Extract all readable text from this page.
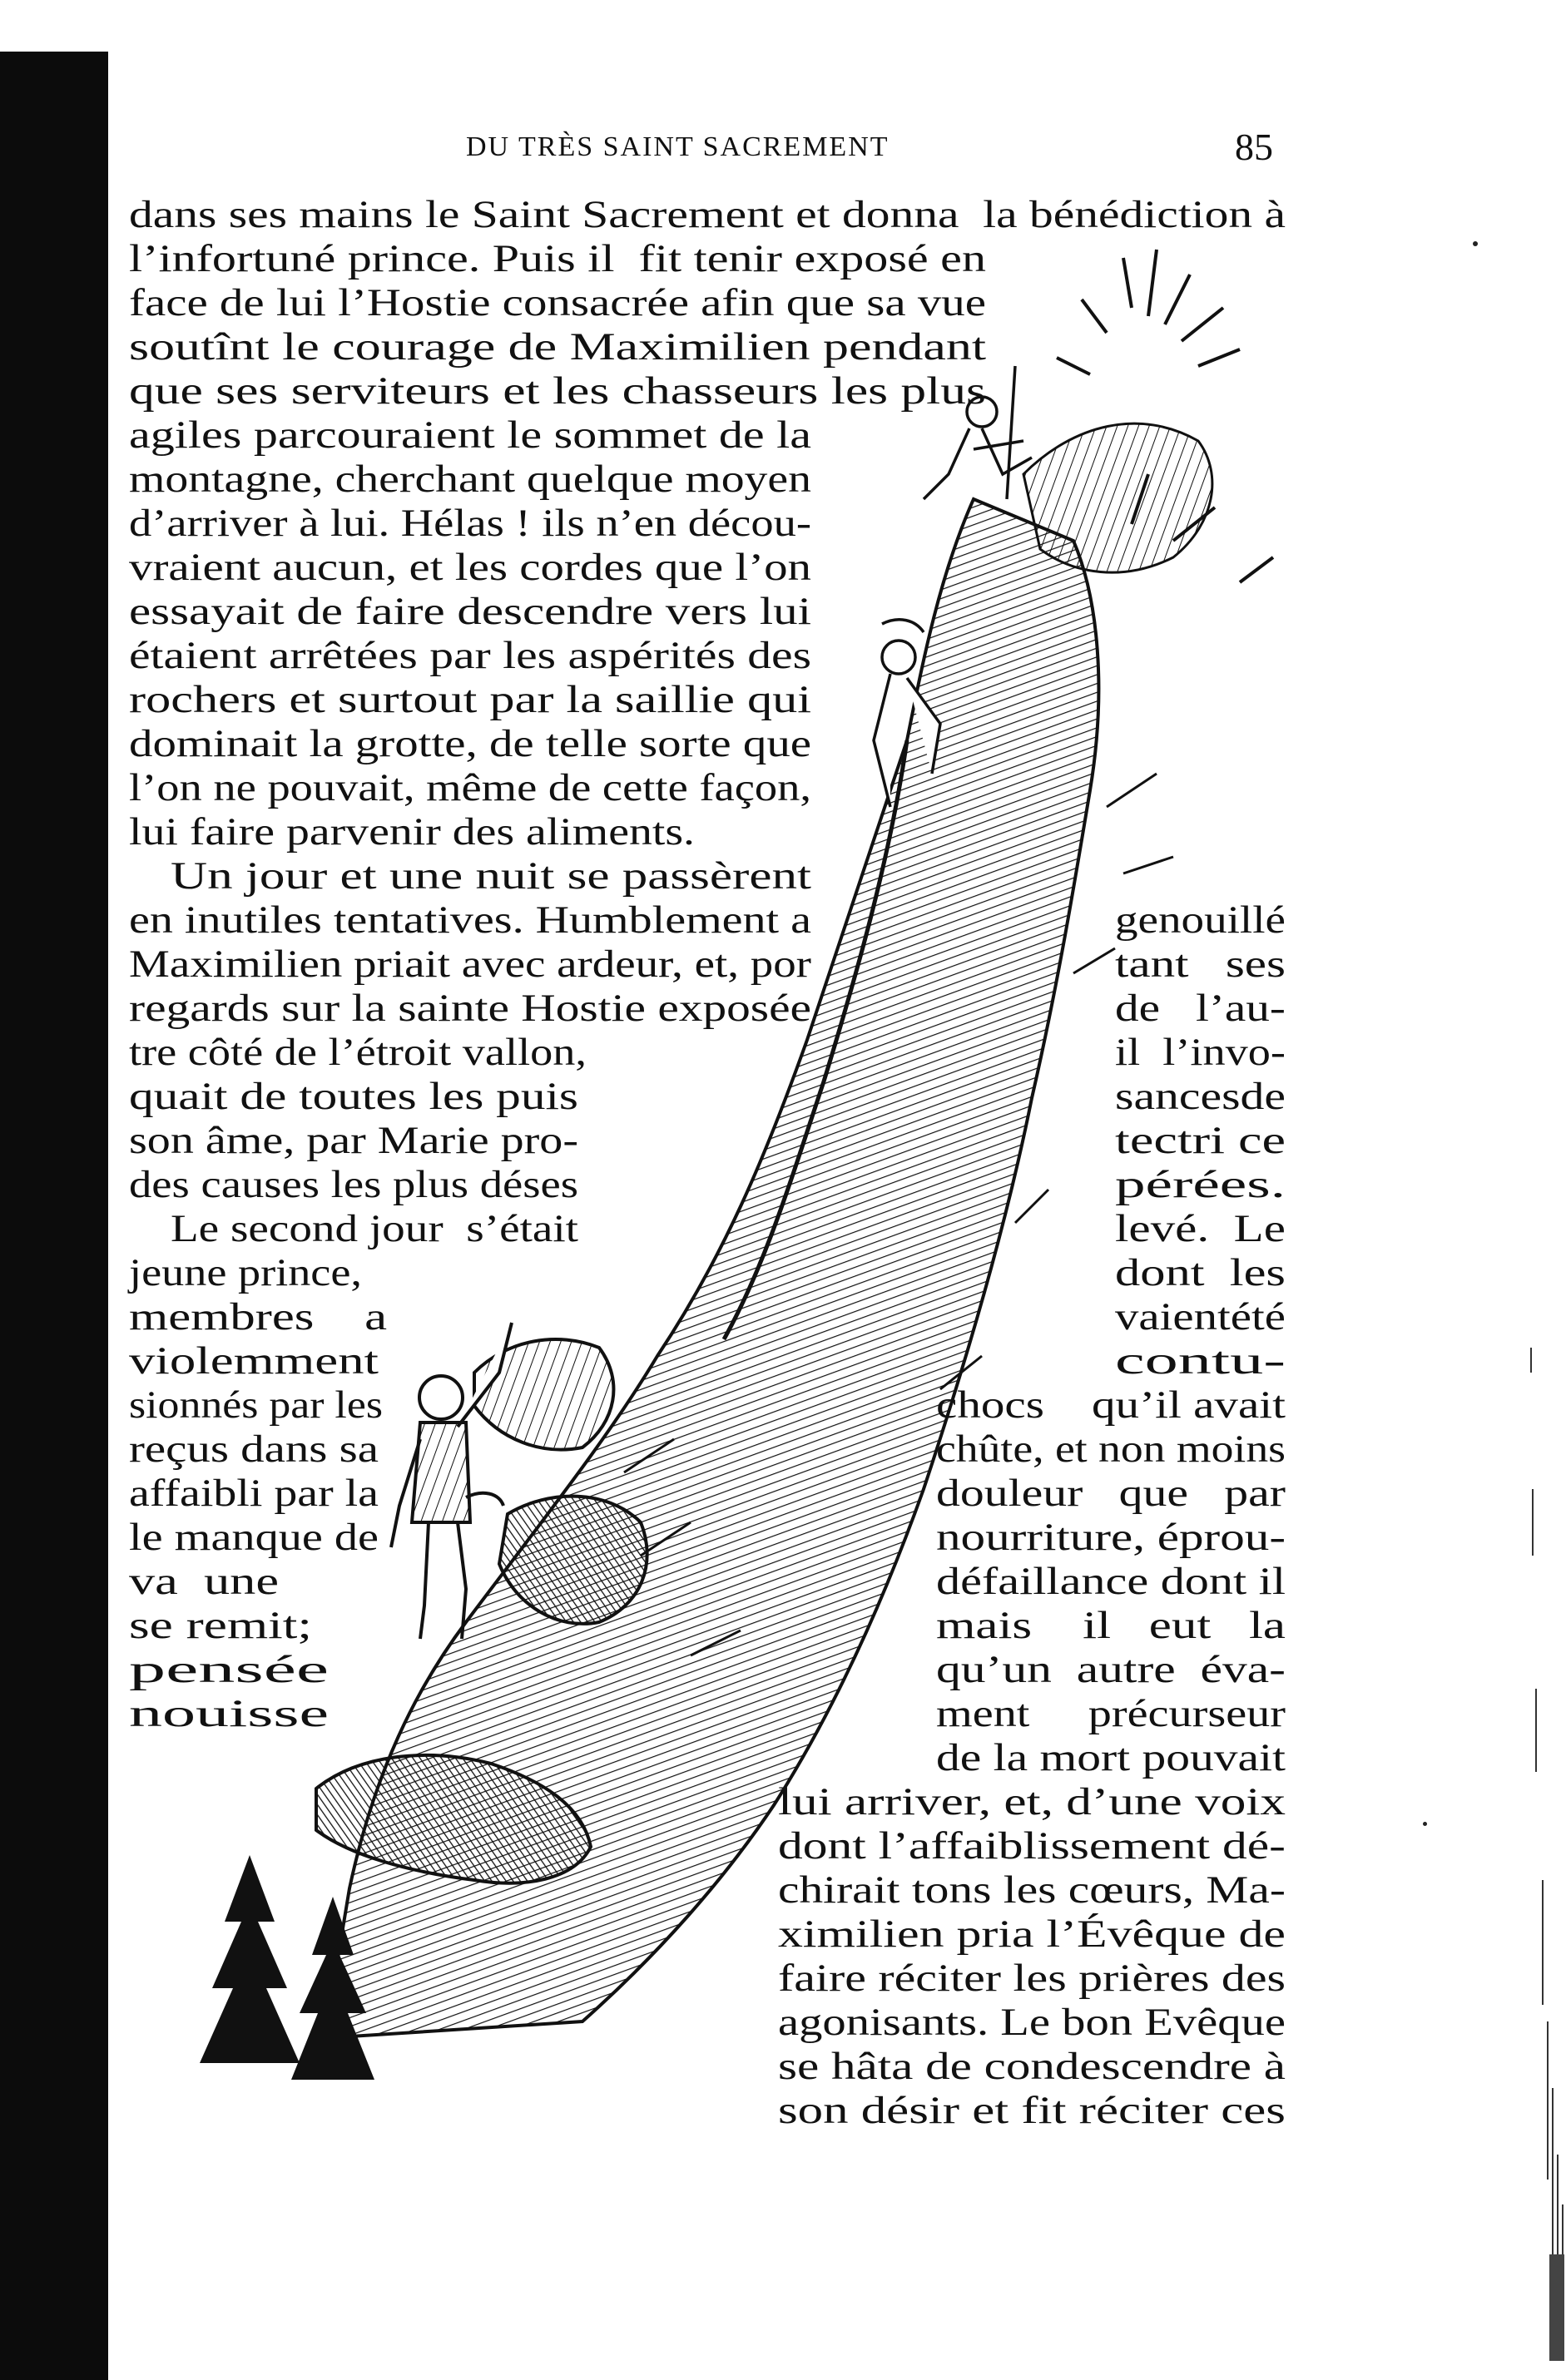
DU TRÈS SAINT SACREMENT	85
dans ses mains le Saint Sacrement et donna  la bénédiction à
l’infortuné prince. Puis il  fit tenir exposé en
face de lui l’Hostie consacrée afin que sa vue
soutînt le courage de Maximilien pendant
que ses serviteurs et les chasseurs les plus
agiles parcouraient le sommet de la
montagne, cherchant quelque moyen
d’arriver à lui. Hélas ! ils n’en décou-
vraient aucun, et les cordes que l’on
essayait de faire descendre vers lui
étaient arrêtées par les aspérités des
rochers et surtout par la saillie qui
dominait la grotte, de telle sorte que
l’on ne pouvait, même de cette façon,
lui faire parvenir des aliments.
Un jour et une nuit se passèrent
en inutiles tentatives. Humblement a
Maximilien priait avec ardeur, et, por
regards sur la sainte Hostie exposée
tre côté de l’étroit vallon,
quait de toutes les puis
son âme, par Marie pro-
des causes les plus déses
Le second jour  s’était
jeune prince,
membres    a
violemment
sionnés par les
reçus dans sa
affaibli par la
le manque de
va  une
se remit;
pensée
nouisse
genouillé
tant   ses
de   l’au-
il  l’invo-
sancesde
tectri ce
pérées.
levé.  Le
dont  les
vaientété
contu-
chocs    qu’il avait
chûte, et non moins
douleur   que   par
nourriture, éprou-
défaillance dont il
mais    il   eut   la
qu’un  autre  éva-
ment     précurseur
de la mort pouvait
lui arriver, et, d’une voix
dont l’affaiblissement dé-
chirait tons les cœurs, Ma-
ximilien pria l’Évêque de
faire réciter les prières des
agonisants. Le bon Evêque
se hâta de condescendre à
son désir et fit réciter ces
